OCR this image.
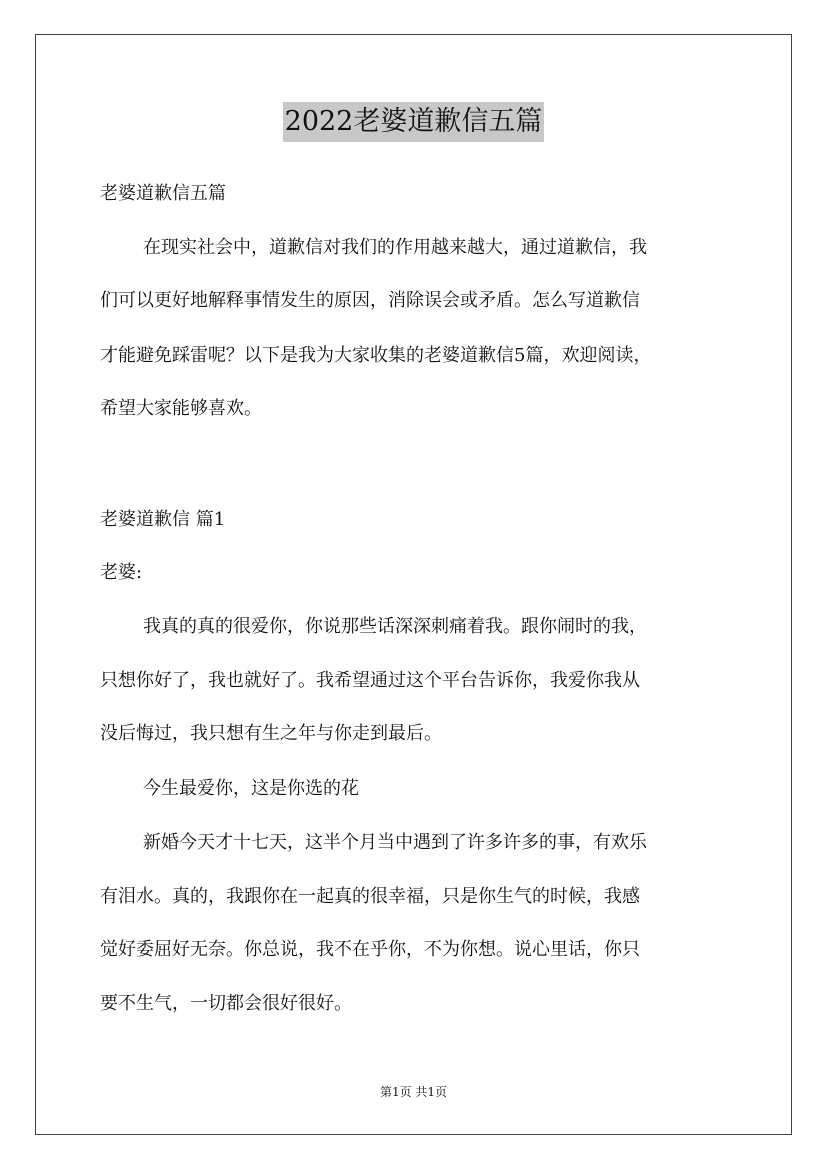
2022老婆道歉信五篇

老婆道歉信五篇

在现实社会中，道歉信对我们的作用越来越大，通过道歉信，我

们可以更好地解释事情发生的原因，消除误会或矛盾。怎么写道歉信

才能避免踩雷呢？以下是我为大家收集的老婆道歉信5篇，欢迎阅读，

希望大家能够喜欢。

老婆道歉信 篇1

老婆:

我真的真的很爱你，你说那些话深深刺痛着我。跟你闹时的我，

只想你好了，我也就好了。我希望通过这个平台告诉你，我爱你我从

没后悔过，我只想有生之年与你走到最后。

今生最爱你，这是你选的花

新婚今天才十七天，这半个月当中遇到了许多许多的事，有欢乐

有泪水。真的，我跟你在一起真的很幸福，只是你生气的时候，我感

觉好委屈好无奈。你总说，我不在乎你，不为你想。说心里话，你只

要不生气，一切都会很好很好。

第1页 共1页
